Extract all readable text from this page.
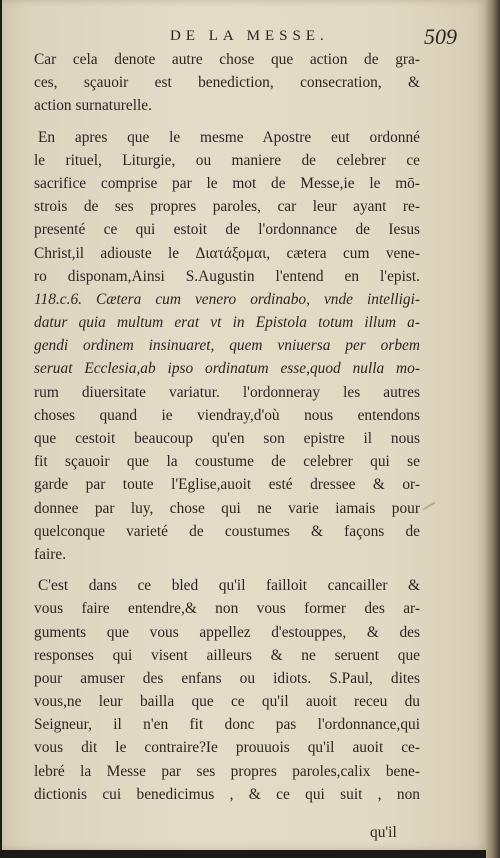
DE LA MESSE.	509
Car cela denote autre chose que action de gra-
ces, sçauoir est benediction, consecration, &
action surnaturelle.
En apres que le mesme Apostre eut ordonné
le rituel, Liturgie, ou maniere de celebrer ce
sacrifice comprise par le mot de Messe,ie le mō-
strois de ses propres paroles, car leur ayant re-
presenté ce qui estoit de l'ordonnance de Iesus
Christ,il adiouste le Διατάξομαι, cætera cum vene-
ro disponam,Ainsi S.Augustin l'entend en l'epist.
118.c.6. Cætera cum venero ordinabo, vnde intelligi-
datur quia multum erat vt in Epistola totum illum a-
gendi ordinem insinuaret, quem vniuersa per orbem
seruat Ecclesia,ab ipso ordinatum esse,quod nulla mo-
rum diuersitate variatur. l'ordonneray les autres
choses quand ie viendray,d'où nous entendons
que cestoit beaucoup qu'en son epistre il nous
fit sçauoir que la coustume de celebrer qui se
garde par toute l'Eglise,auoit esté dressee & or-
donnee par luy, chose qui ne varie iamais pour
quelconque varieté de coustumes & façons de
faire.
C'est dans ce bled qu'il failloit cancailler &
vous faire entendre,& non vous former des ar-
guments que vous appellez d'estouppes, & des
responses qui visent ailleurs & ne seruent que
pour amuser des enfans ou idiots. S.Paul, dites
vous,ne leur bailla que ce qu'il auoit receu du
Seigneur, il n'en fit donc pas l'ordonnance,qui
vous dit le contraire?Ie prouuois qu'il auoit ce-
lebré la Messe par ses propres paroles,calix bene-
dictionis cui benedicimus , & ce qui suit , non
qu'il
